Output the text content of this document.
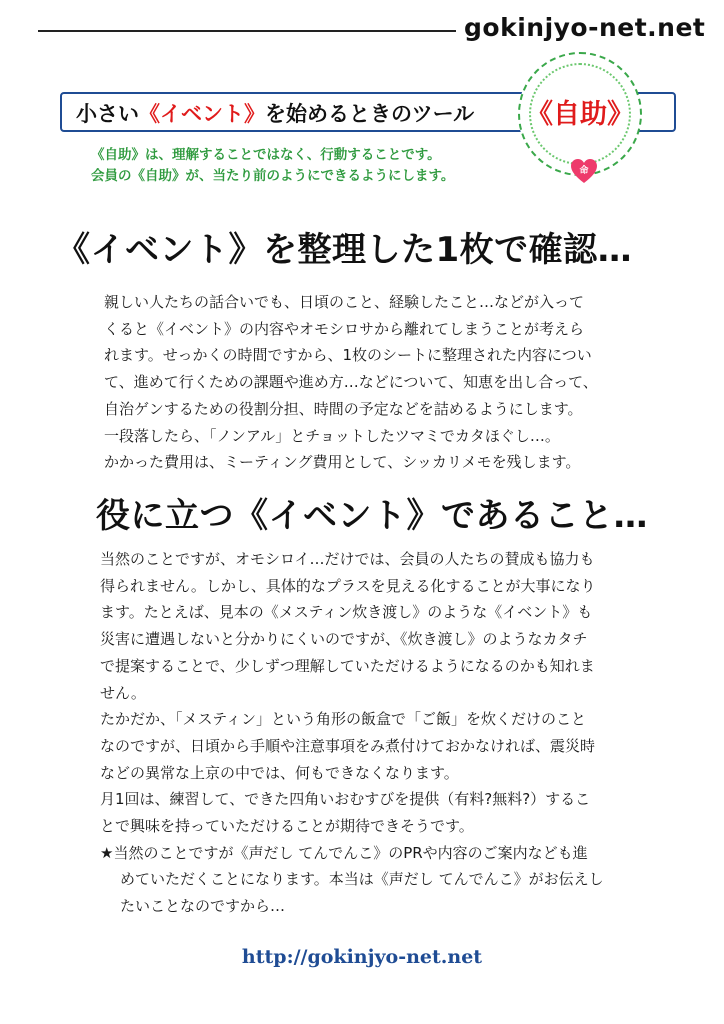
gokinjyo-net.net
小さい《イベント》を始めるときのツール
《自助》は、理解することではなく、行動することです。
会員の《自助》が、当たり前のようにできるようにします。
《自助》
命
《イベント》を整理した1枚で確認…
親しい人たちの話合いでも、日頃のこと、経験したこと…などが入って
くると《イベント》の内容やオモシロサから離れてしまうことが考えら
れます。せっかくの時間ですから、1枚のシートに整理された内容につい
て、進めて行くための課題や進め方…などについて、知恵を出し合って、
自治ゲンするための役割分担、時間の予定などを詰めるようにします。
一段落したら、「ノンアル」とチョットしたツマミでカタほぐし…。
かかった費用は、ミーティング費用として、シッカリメモを残します。
役に立つ《イベント》であること…
当然のことですが、オモシロイ…だけでは、会員の人たちの賛成も協力も
得られません。しかし、具体的なプラスを見える化することが大事になり
ます。たとえば、見本の《メスティン炊き渡し》のような《イベント》も
災害に遭遇しないと分かりにくいのですが、《炊き渡し》のようなカタチ
で提案することで、少しずつ理解していただけるようになるのかも知れま
せん。
たかだか、「メスティン」という角形の飯盒で「ご飯」を炊くだけのこと
なのですが、日頃から手順や注意事項をみ煮付けておかなければ、震災時
などの異常な上京の中では、何もできなくなります。
月1回は、練習して、できた四角いおむすびを提供（有料?無料?）するこ
とで興味を持っていただけることが期待できそうです。
★当然のことですが《声だし てんでんこ》のPRや内容のご案内なども進
めていただくことになります。本当は《声だし てんでんこ》がお伝えし
たいことなのですから…
http://gokinjyo-net.net
